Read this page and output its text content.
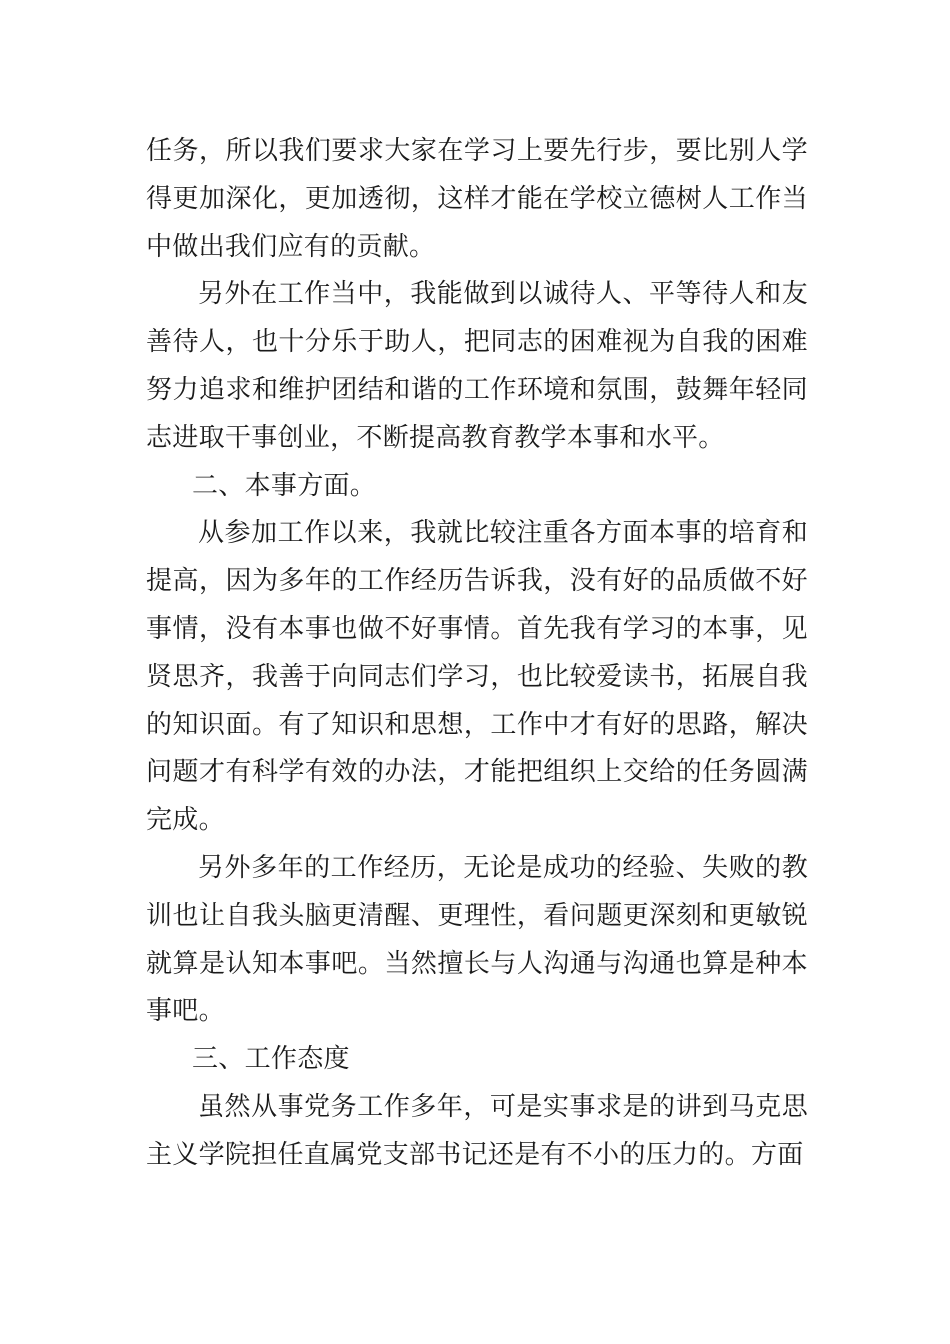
任务，所以我们要求大家在学习上要先行步，要比别人学得更加深化，更加透彻，这样才能在学校立德树人工作当中做出我们应有的贡献。

另外在工作当中，我能做到以诚待人、平等待人和友善待人，也十分乐于助人，把同志的困难视为自我的困难努力追求和维护团结和谐的工作环境和氛围，鼓舞年轻同志进取干事创业，不断提高教育教学本事和水平。

二、本事方面。

从参加工作以来，我就比较注重各方面本事的培育和提高，因为多年的工作经历告诉我，没有好的品质做不好事情，没有本事也做不好事情。首先我有学习的本事，见贤思齐，我善于向同志们学习，也比较爱读书，拓展自我的知识面。有了知识和思想，工作中才有好的思路，解决问题才有科学有效的办法，才能把组织上交给的任务圆满完成。

另外多年的工作经历，无论是成功的经验、失败的教训也让自我头脑更清醒、更理性，看问题更深刻和更敏锐就算是认知本事吧。当然擅长与人沟通与沟通也算是种本事吧。

三、工作态度

虽然从事党务工作多年，可是实事求是的讲到马克思主义学院担任直属党支部书记还是有不小的压力的。方面
